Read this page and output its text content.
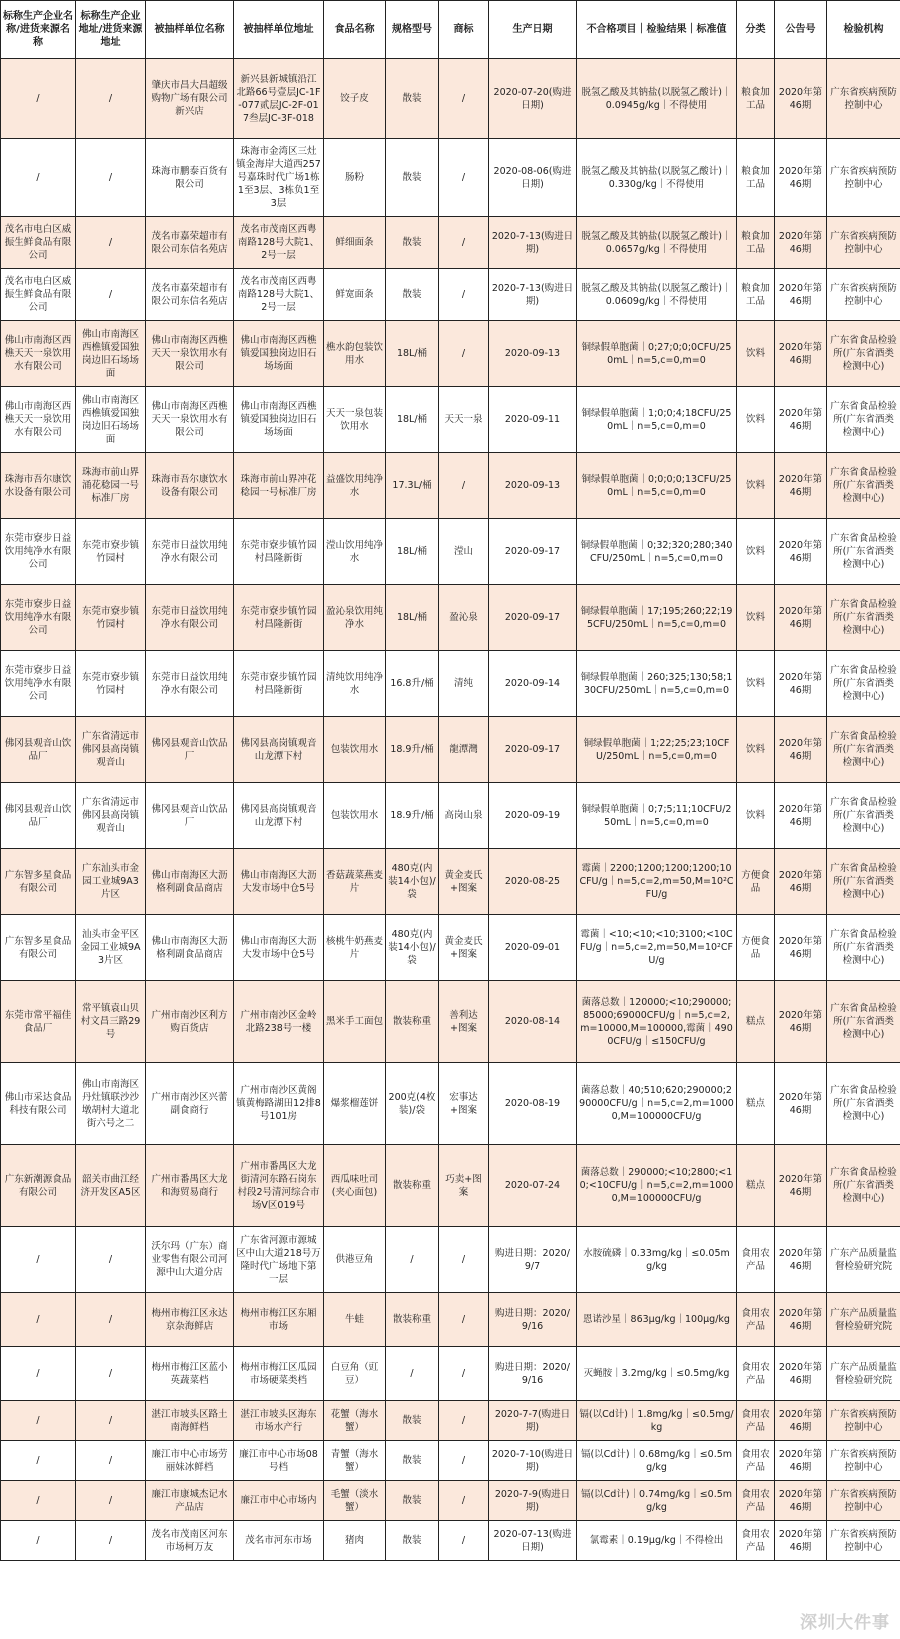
标称生产企业名称/进货来源名称	标称生产企业地址/进货来源地址	被抽样单位名称	被抽样单位地址	食品名称	规格型号	商标	生产日期	不合格项目｜检验结果｜标准值	分类	公告号	检验机构
/	/	肇庆市昌大昌超级购物广场有限公司新兴店	新兴县新城镇沿江北路66号壹层JC-1F-077贰层JC-2F-017叁层JC-3F-018	饺子皮	散装	/	2020-07-20(购进日期)	脱氢乙酸及其钠盐(以脱氢乙酸计)｜0.0945g/kg｜不得使用	粮食加工品	2020年第46期	广东省疾病预防控制中心
/	/	珠海市鹏泰百货有限公司	珠海市金湾区三灶镇金海岸大道西257号嘉珠时代广场1栋1至3层、3栋负1至3层	肠粉	散装	/	2020-08-06(购进日期)	脱氢乙酸及其钠盐(以脱氢乙酸计)｜0.330g/kg｜不得使用	粮食加工品	2020年第46期	广东省疾病预防控制中心
茂名市电白区威振生鲜食品有限公司	/	茂名市嘉荣超市有限公司东信名苑店	茂名市茂南区西粤南路128号大院1、2号一层	鲜细面条	散装	/	2020-7-13(购进日期)	脱氢乙酸及其钠盐(以脱氢乙酸计)｜0.0657g/kg｜不得使用	粮食加工品	2020年第46期	广东省疾病预防控制中心
茂名市电白区威振生鲜食品有限公司	/	茂名市嘉荣超市有限公司东信名苑店	茂名市茂南区西粤南路128号大院1、2号一层	鲜宽面条	散装	/	2020-7-13(购进日期)	脱氢乙酸及其钠盐(以脱氢乙酸计)｜0.0609g/kg｜不得使用	粮食加工品	2020年第46期	广东省疾病预防控制中心
佛山市南海区西樵天天一泉饮用水有限公司	佛山市南海区西樵镇爱国独岗边旧石场场面	佛山市南海区西樵天天一泉饮用水有限公司	佛山市南海区西樵镇爱国独岗边旧石场场面	樵水韵包装饮用水	18L/桶	/	2020-09-13	铜绿假单胞菌｜0;27;0;0;0CFU/250mL｜n=5,c=0,m=0	饮料	2020年第46期	广东省食品检验所(广东省酒类检测中心)
佛山市南海区西樵天天一泉饮用水有限公司	佛山市南海区西樵镇爱国独岗边旧石场场面	佛山市南海区西樵天天一泉饮用水有限公司	佛山市南海区西樵镇爱国独岗边旧石场场面	天天一泉包装饮用水	18L/桶	天天一泉	2020-09-11	铜绿假单胞菌｜1;0;0;4;18CFU/250mL｜n=5,c=0,m=0	饮料	2020年第46期	广东省食品检验所(广东省酒类检测中心)
珠海市吾尔康饮水设备有限公司	珠海市前山界涌花稔园一号标准厂房	珠海市吾尔康饮水设备有限公司	珠海市前山界冲花稔园一号标准厂房	益盛饮用纯净水	17.3L/桶	/	2020-09-13	铜绿假单胞菌｜0;0;0;0;13CFU/250mL｜n=5,c=0,m=0	饮料	2020年第46期	广东省食品检验所(广东省酒类检测中心)
东莞市寮步日益饮用纯净水有限公司	东莞市寮步镇竹园村	东莞市日益饮用纯净水有限公司	东莞市寮步镇竹园村昌隆新街	滢山饮用纯净水	18L/桶	滢山	2020-09-17	铜绿假单胞菌｜0;32;320;280;340CFU/250mL｜n=5,c=0,m=0	饮料	2020年第46期	广东省食品检验所(广东省酒类检测中心)
东莞市寮步日益饮用纯净水有限公司	东莞市寮步镇竹园村	东莞市日益饮用纯净水有限公司	东莞市寮步镇竹园村昌隆新街	盈沁泉饮用纯净水	18L/桶	盈沁泉	2020-09-17	铜绿假单胞菌｜17;195;260;22;195CFU/250mL｜n=5,c=0,m=0	饮料	2020年第46期	广东省食品检验所(广东省酒类检测中心)
东莞市寮步日益饮用纯净水有限公司	东莞市寮步镇竹园村	东莞市日益饮用纯净水有限公司	东莞市寮步镇竹园村昌隆新街	清纯饮用纯净水	16.8升/桶	清纯	2020-09-14	铜绿假单胞菌｜260;325;130;58;130CFU/250mL｜n=5,c=0,m=0	饮料	2020年第46期	广东省食品检验所(广东省酒类检测中心)
佛冈县观音山饮品厂	广东省清远市佛冈县高岗镇观音山	佛冈县观音山饮品厂	佛冈县高岗镇观音山龙潭下村	包装饮用水	18.9升/桶	龍潭灣	2020-09-17	铜绿假单胞菌｜1;22;25;23;10CFU/250mL｜n=5,c=0,m=0	饮料	2020年第46期	广东省食品检验所(广东省酒类检测中心)
佛冈县观音山饮品厂	广东省清远市佛冈县高岗镇观音山	佛冈县观音山饮品厂	佛冈县高岗镇观音山龙潭下村	包装饮用水	18.9升/桶	高岗山泉	2020-09-19	铜绿假单胞菌｜0;7;5;11;10CFU/250mL｜n=5,c=0,m=0	饮料	2020年第46期	广东省食品检验所(广东省酒类检测中心)
广东智多星食品有限公司	广东汕头市金园工业城9A3片区	佛山市南海区大沥格利副食品商店	佛山市南海区大沥大发市场中仓5号	香菇蔬菜燕麦片	480克(内装14小包)/袋	黄金麦氏+图案	2020-08-25	霉菌｜2200;1200;1200;1200;10CFU/g｜n=5,c=2,m=50,M=10²CFU/g	方便食品	2020年第46期	广东省食品检验所(广东省酒类检测中心)
广东智多星食品有限公司	汕头市金平区金园工业城9A3片区	佛山市南海区大沥格利副食品商店	佛山市南海区大沥大发市场中仓5号	核桃牛奶燕麦片	480克(内装14小包)/袋	黄金麦氏+图案	2020-09-01	霉菌｜<10;<10;<10;3100;<10CFU/g｜n=5,c=2,m=50,M=10²CFU/g	方便食品	2020年第46期	广东省食品检验所(广东省酒类检测中心)
东莞市常平福佳食品厂	常平镇袁山贝村文昌三路29号	广州市南沙区利方购百货店	广州市南沙区金岭北路238号一楼	黑米手工面包	散装称重	善利达+图案	2020-08-14	菌落总数｜120000;<10;290000;85000;69000CFU/g｜n=5,c=2,m=10000,M=100000,霉菌｜4900CFU/g｜≤150CFU/g	糕点	2020年第46期	广东省食品检验所(广东省酒类检测中心)
佛山市采达食品科技有限公司	佛山市南海区丹灶镇联沙沙墩胡村大道北街六号之二	广州市南沙区兴蕾副食商行	广州市南沙区黄阁镇黄梅路湖田12排8号101房	爆浆榴莲饼	200克(4枚装)/袋	宏事达+图案	2020-08-19	菌落总数｜40;510;620;290000;290000CFU/g｜n=5,c=2,m=10000,M=100000CFU/g	糕点	2020年第46期	广东省食品检验所(广东省酒类检测中心)
广东新潮源食品有限公司	韶关市曲江经济开发区A5区	广州市番禺区大龙和海贸易商行	广州市番禺区大龙街清河东路石岗东村段2号清河综合市场V区019号	西瓜味吐司(夹心面包)	散装称重	巧卖+图案	2020-07-24	菌落总数｜290000;<10;2800;<10;<10CFU/g｜n=5,c=2,m=10000,M=100000CFU/g	糕点	2020年第46期	广东省食品检验所(广东省酒类检测中心)
/	/	沃尔玛（广东）商业零售有限公司河源中山大道分店	广东省河源市源城区中山大道218号万隆时代广场地下第一层	供港豆角	/	/	购进日期：2020/9/7	水胺硫磷｜0.33mg/kg｜≤0.05mg/kg	食用农产品	2020年第46期	广东产品质量监督检验研究院
/	/	梅州市梅江区永达京杂海鲜店	梅州市梅江区东厢市场	牛蛙	散装称重	/	购进日期：2020/9/16	恩诺沙星｜863μg/kg｜100μg/kg	食用农产品	2020年第46期	广东产品质量监督检验研究院
/	/	梅州市梅江区蓝小英蔬菜档	梅州市梅江区瓜园市场硬菜类档	白豆角（豇豆）	/	/	购进日期：2020/9/16	灭蝇胺｜3.2mg/kg｜≤0.5mg/kg	食用农产品	2020年第46期	广东产品质量监督检验研究院
/	/	湛江市坡头区路土南海鲜档	湛江市坡头区海东市场水产行	花蟹（海水蟹）	散装	/	2020-7-7(购进日期)	镉(以Cd计)｜1.8mg/kg｜≤0.5mg/kg	食用农产品	2020年第46期	广东省疾病预防控制中心
/	/	廉江市中心市场劳丽妹冰鲜档	廉江市中心市场08号档	青蟹（海水蟹）	散装	/	2020-7-10(购进日期)	镉(以Cd计)｜0.68mg/kg｜≤0.5mg/kg	食用农产品	2020年第46期	广东省疾病预防控制中心
/	/	廉江市康城杰记水产品店	廉江市中心市场内	毛蟹（淡水蟹）	散装	/	2020-7-9(购进日期)	镉(以Cd计)｜0.74mg/kg｜≤0.5mg/kg	食用农产品	2020年第46期	广东省疾病预防控制中心
/	/	茂名市茂南区河东市场柯万友	茂名市河东市场	猪肉	散装	/	2020-07-13(购进日期)	氯霉素｜0.19μg/kg｜不得检出	食用农产品	2020年第46期	广东省疾病预防控制中心
深圳大件事
